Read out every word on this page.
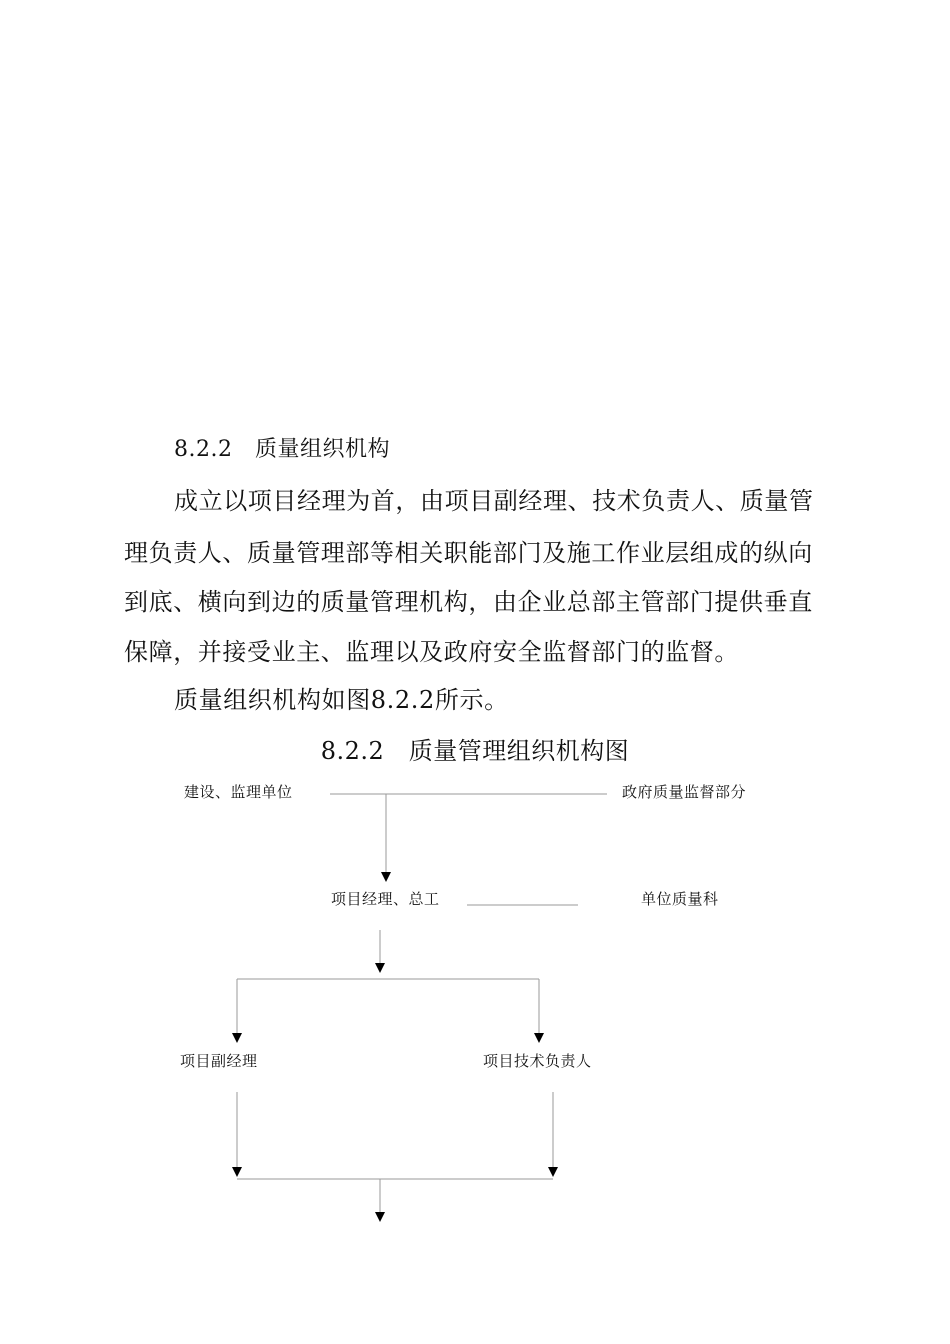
8.2.2　质量组织机构

成立以项目经理为首，由项目副经理、技术负责人、质量管

理负责人、质量管理部等相关职能部门及施工作业层组成的纵向

到底、横向到边的质量管理机构，由企业总部主管部门提供垂直

保障，并接受业主、监理以及政府安全监督部门的监督。

质量组织机构如图8.2.2所示。

8.2.2　质量管理组织机构图

建设、监理单位	政府质量监督部分
项目经理、总工	单位质量科
项目副经理	项目技术负责人
